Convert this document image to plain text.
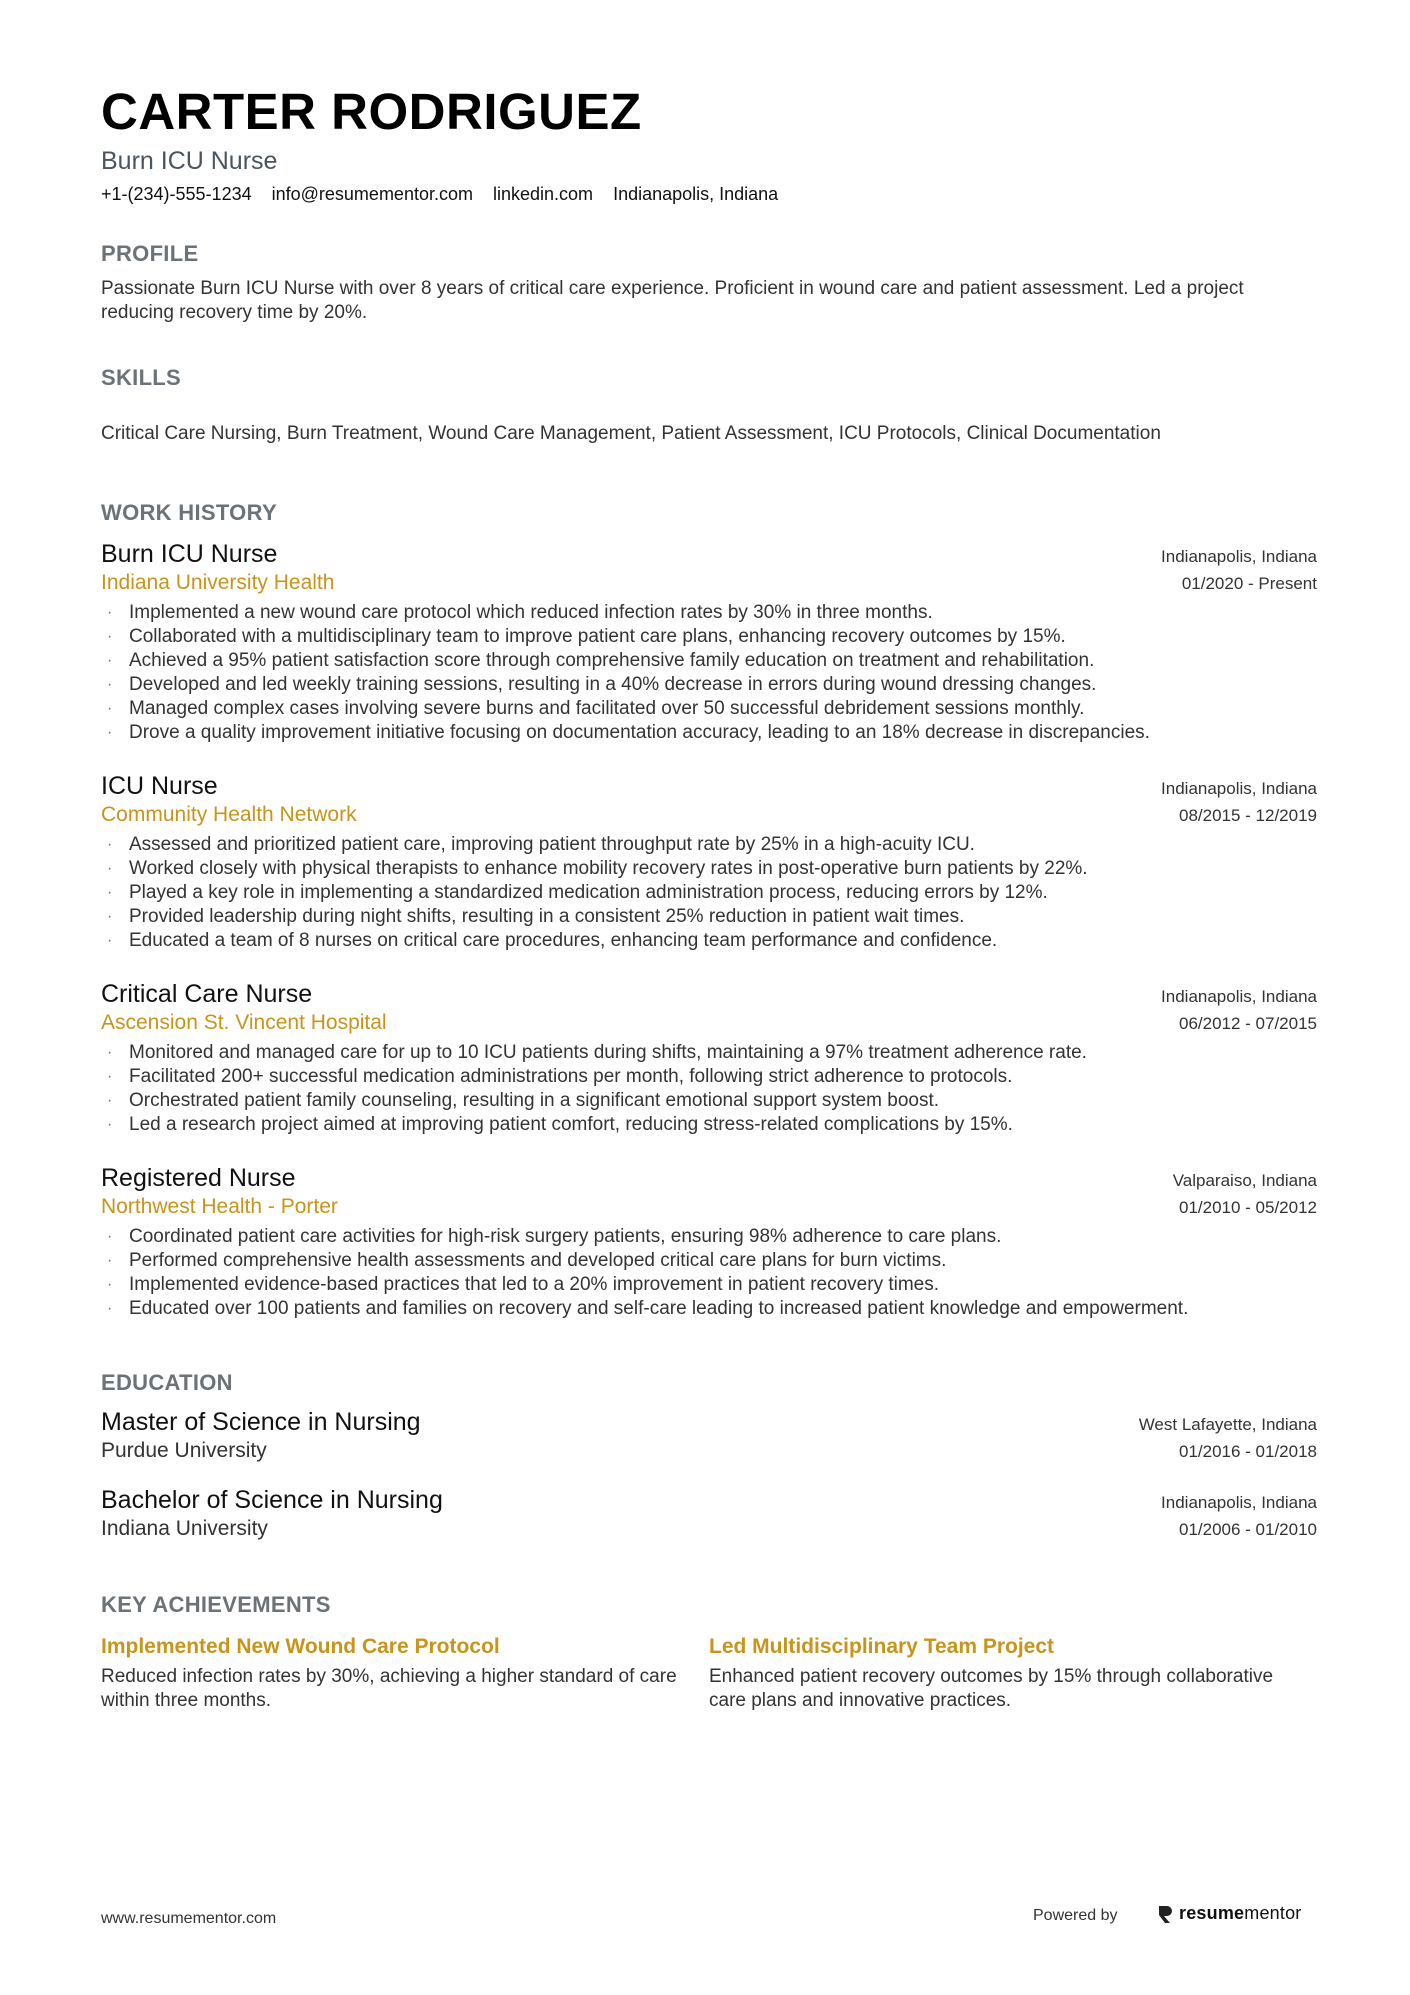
CARTER RODRIGUEZ
Burn ICU Nurse
+1-(234)-555-1234 info@resumementor.com linkedin.com Indianapolis, Indiana
PROFILE
Passionate Burn ICU Nurse with over 8 years of critical care experience. Proficient in wound care and patient assessment. Led a project reducing recovery time by 20%.
SKILLS
Critical Care Nursing, Burn Treatment, Wound Care Management, Patient Assessment, ICU Protocols, Clinical Documentation
WORK HISTORY
Burn ICU Nurse	Indianapolis, Indiana
Indiana University Health	01/2020 - Present
· Implemented a new wound care protocol which reduced infection rates by 30% in three months.
· Collaborated with a multidisciplinary team to improve patient care plans, enhancing recovery outcomes by 15%.
· Achieved a 95% patient satisfaction score through comprehensive family education on treatment and rehabilitation.
· Developed and led weekly training sessions, resulting in a 40% decrease in errors during wound dressing changes.
· Managed complex cases involving severe burns and facilitated over 50 successful debridement sessions monthly.
· Drove a quality improvement initiative focusing on documentation accuracy, leading to an 18% decrease in discrepancies.
ICU Nurse	Indianapolis, Indiana
Community Health Network	08/2015 - 12/2019
· Assessed and prioritized patient care, improving patient throughput rate by 25% in a high-acuity ICU.
· Worked closely with physical therapists to enhance mobility recovery rates in post-operative burn patients by 22%.
· Played a key role in implementing a standardized medication administration process, reducing errors by 12%.
· Provided leadership during night shifts, resulting in a consistent 25% reduction in patient wait times.
· Educated a team of 8 nurses on critical care procedures, enhancing team performance and confidence.
Critical Care Nurse	Indianapolis, Indiana
Ascension St. Vincent Hospital	06/2012 - 07/2015
· Monitored and managed care for up to 10 ICU patients during shifts, maintaining a 97% treatment adherence rate.
· Facilitated 200+ successful medication administrations per month, following strict adherence to protocols.
· Orchestrated patient family counseling, resulting in a significant emotional support system boost.
· Led a research project aimed at improving patient comfort, reducing stress-related complications by 15%.
Registered Nurse	Valparaiso, Indiana
Northwest Health - Porter	01/2010 - 05/2012
· Coordinated patient care activities for high-risk surgery patients, ensuring 98% adherence to care plans.
· Performed comprehensive health assessments and developed critical care plans for burn victims.
· Implemented evidence-based practices that led to a 20% improvement in patient recovery times.
· Educated over 100 patients and families on recovery and self-care leading to increased patient knowledge and empowerment.
EDUCATION
Master of Science in Nursing	West Lafayette, Indiana
Purdue University	01/2016 - 01/2018
Bachelor of Science in Nursing	Indianapolis, Indiana
Indiana University	01/2006 - 01/2010
KEY ACHIEVEMENTS
Implemented New Wound Care Protocol
Reduced infection rates by 30%, achieving a higher standard of care within three months.
Led Multidisciplinary Team Project
Enhanced patient recovery outcomes by 15% through collaborative care plans and innovative practices.
www.resumementor.com	Powered by	resumementor
